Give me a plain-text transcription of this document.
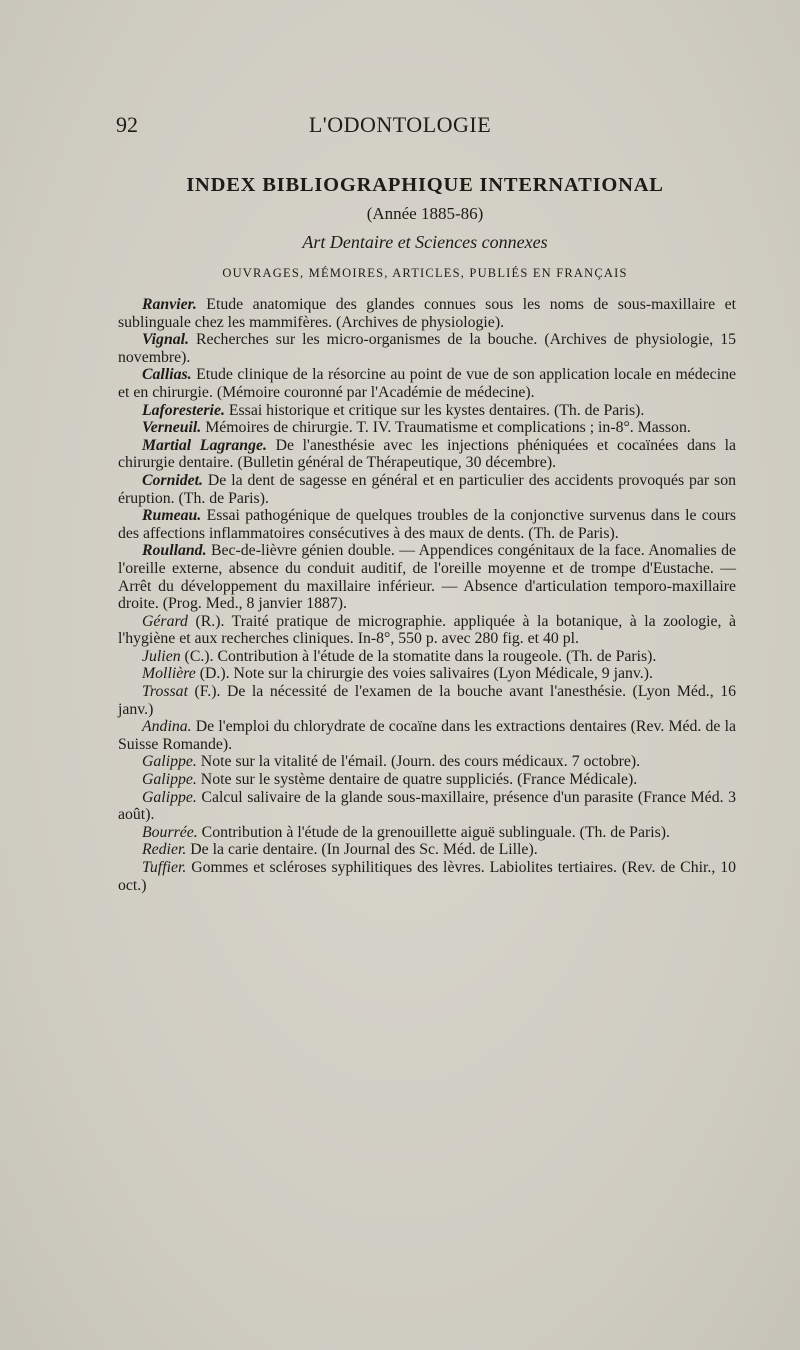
92	L'ODONTOLOGIE
INDEX BIBLIOGRAPHIQUE INTERNATIONAL
(Année 1885-86)
Art Dentaire et Sciences connexes
OUVRAGES, MÉMOIRES, ARTICLES, PUBLIÉS EN FRANÇAIS

Ranvier. Etude anatomique des glandes connues sous les noms de sous-maxillaire et sublinguale chez les mammifères. (Archives de physiologie).

Vignal. Recherches sur les micro-organismes de la bouche. (Archives de physiologie, 15 novembre).

Callias. Etude clinique de la résorcine au point de vue de son application locale en médecine et en chirurgie. (Mémoire couronné par l'Académie de médecine).

Laforesterie. Essai historique et critique sur les kystes dentaires. (Th. de Paris).

Verneuil. Mémoires de chirurgie. T. IV. Traumatisme et complications ; in-8°. Masson.

Martial Lagrange. De l'anesthésie avec les injections phéniquées et cocaïnées dans la chirurgie dentaire. (Bulletin général de Thérapeutique, 30 décembre).

Cornidet. De la dent de sagesse en général et en particulier des accidents provoqués par son éruption. (Th. de Paris).

Rumeau. Essai pathogénique de quelques troubles de la conjonctive survenus dans le cours des affections inflammatoires consécutives à des maux de dents. (Th. de Paris).

Roulland. Bec-de-lièvre génien double. — Appendices congénitaux de la face. Anomalies de l'oreille externe, absence du conduit auditif, de l'oreille moyenne et de trompe d'Eustache. — Arrêt du développement du maxillaire inférieur. — Absence d'articulation temporo-maxillaire droite. (Prog. Med., 8 janvier 1887).

Gérard (R.). Traité pratique de micrographie. appliquée à la botanique, à la zoologie, à l'hygiène et aux recherches cliniques. In-8°, 550 p. avec 280 fig. et 40 pl.

Julien (C.). Contribution à l'étude de la stomatite dans la rougeole. (Th. de Paris).

Mollière (D.). Note sur la chirurgie des voies salivaires (Lyon Médicale, 9 janv.).

Trossat (F.). De la nécessité de l'examen de la bouche avant l'anesthésie. (Lyon Méd., 16 janv.)

Andina. De l'emploi du chlorydrate de cocaïne dans les extractions dentaires (Rev. Méd. de la Suisse Romande).

Galippe. Note sur la vitalité de l'émail. (Journ. des cours médicaux. 7 octobre).

Galippe. Note sur le système dentaire de quatre suppliciés. (France Médicale).

Galippe. Calcul salivaire de la glande sous-maxillaire, présence d'un parasite (France Méd. 3 août).

Bourrée. Contribution à l'étude de la grenouillette aiguë sublinguale. (Th. de Paris).

Redier. De la carie dentaire. (In Journal des Sc. Méd. de Lille).

Tuffier. Gommes et scléroses syphilitiques des lèvres. Labiolites tertiaires. (Rev. de Chir., 10 oct.)
